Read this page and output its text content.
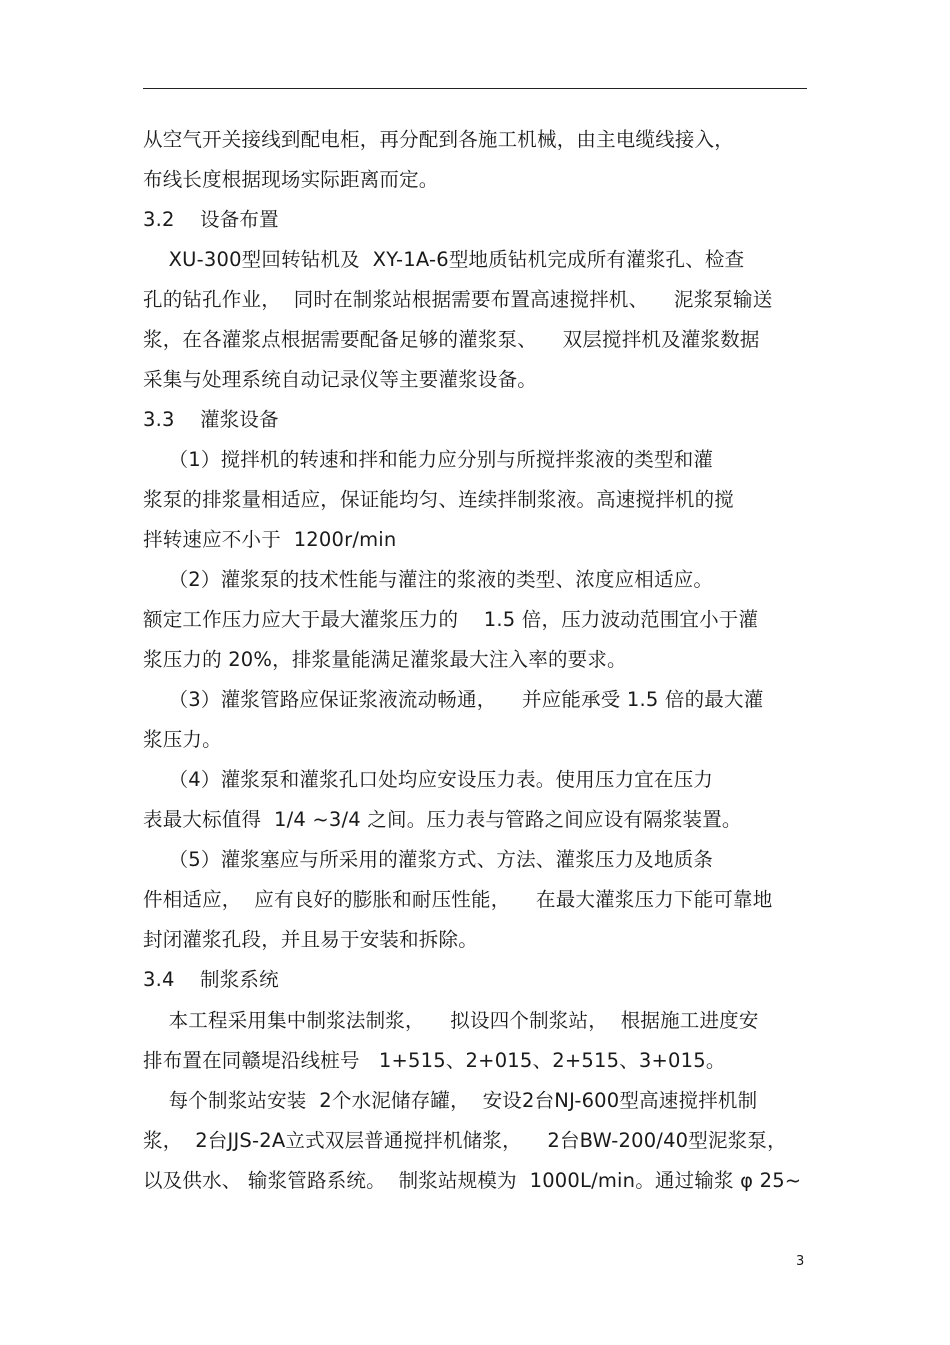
从空气开关接线到配电柜，再分配到各施工机械，由主电缆线接入，
布线长度根据现场实际距离而定。
3.2 设备布置
XU-300型回转钻机及  XY-1A-6型地质钻机完成所有灌浆孔、检查
孔的钻孔作业，  同时在制浆站根据需要布置高速搅拌机、    泥浆泵输送
浆，在各灌浆点根据需要配备足够的灌浆泵、    双层搅拌机及灌浆数据
采集与处理系统自动记录仪等主要灌浆设备。
3.3 灌浆设备
（1）搅拌机的转速和拌和能力应分别与所搅拌浆液的类型和灌
浆泵的排浆量相适应，保证能均匀、连续拌制浆液。高速搅拌机的搅
拌转速应不小于  1200r/min
（2）灌浆泵的技术性能与灌注的浆液的类型、浓度应相适应。
额定工作压力应大于最大灌浆压力的    1.5 倍，压力波动范围宜小于灌
浆压力的 20%，排浆量能满足灌浆最大注入率的要求。
（3）灌浆管路应保证浆液流动畅通，    并应能承受 1.5 倍的最大灌
浆压力。
（4）灌浆泵和灌浆孔口处均应安设压力表。使用压力宜在压力
表最大标值得  1/4 ~3/4 之间。压力表与管路之间应设有隔浆装置。
（5）灌浆塞应与所采用的灌浆方式、方法、灌浆压力及地质条
件相适应，  应有良好的膨胀和耐压性能，    在最大灌浆压力下能可靠地
封闭灌浆孔段，并且易于安装和拆除。
3.4 制浆系统
本工程采用集中制浆法制浆，    拟设四个制浆站，  根据施工进度安
排布置在同赣堤沿线桩号   1+515、2+015、2+515、3+015。
每个制浆站安装  2个水泥储存罐，  安设2台NJ-600型高速搅拌机制
浆，  2台JJS-2A立式双层普通搅拌机储浆，    2台BW-200/40型泥浆泵，
以及供水、 输浆管路系统。  制浆站规模为  1000L/min。通过输浆 φ 25~
3
